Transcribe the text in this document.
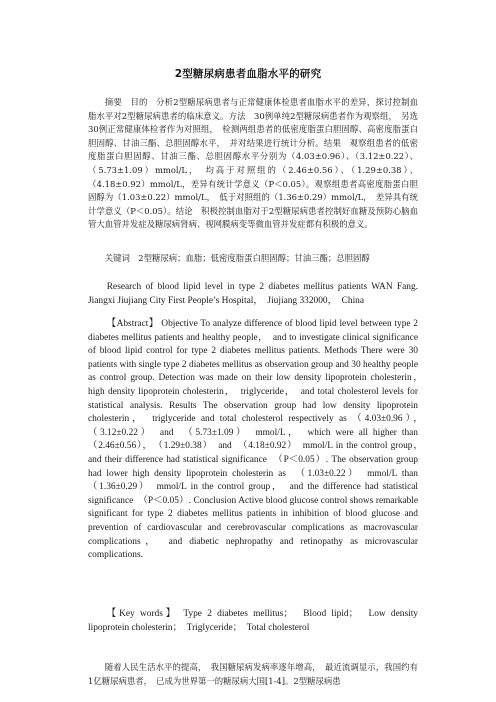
2型糖尿病患者血脂水平的研究

摘要　目的　分析2型糖尿病患者与正常健康体检患者血脂水平的差异，探讨控制血脂水平对2型糖尿病患者的临床意义。方法　30例单纯2型糖尿病患者作为观察组，　另选30例正常健康体检者作为对照组，　检测两组患者的低密度脂蛋白胆固醇、高密度脂蛋白胆固醇、甘油三酯、总胆固醇水平，　并对结果进行统计分析。结果　观察组患者的低密度脂蛋白胆固醇、甘油三酯、总胆固醇水平分别为（4.03±0.96）、（3.12±0.22）、（5.73±1.09）mmol/L，　均高于对照组的（2.46±0.56）、（1.29±0.38）、（4.18±0.92）mmol/L，差异有统计学意义（P＜0.05）。观察组患者高密度脂蛋白胆固醇为（1.03±0.22）mmol/L，　低于对照组的（1.36±0.29）mmol/L，　差异具有统计学意义（P＜0.05）。结论　积极控制血脂对于2型糖尿病患者控制好血糖及预防心脑血管大血管并发症及糖尿病肾病、视网膜病变等微血管并发症都有积极的意义。

关键词　2型糖尿病；血脂；低密度脂蛋白胆固醇；甘油三酯；总胆固醇

Research of blood lipid level in type 2 diabetes mellitus patients WAN Fang. Jiangxi Jiujiang City First People’s Hospital，　Jiujiang 332000，　China

【Abstract】 Objective To analyze difference of blood lipid level between type 2 diabetes mellitus patients and healthy people，　and to investigate clinical significance of blood lipid control for type 2 diabetes mellitus patients. Methods There were 30 patients with single type 2 diabetes mellitus as observation group and 30 healthy people as control group. Detection was made on their low density lipoprotein cholesterin，　high density lipoprotein cholesterin，　triglyceride，　and total cholesterol levels for statistical analysis. Results The observation group had low density lipoprotein cholesterin，　triglyceride and total cholesterol respectively as （4.03±0.96），　（3.12±0.22）　and　（5.73±1.09）　mmol/L，　which were all higher than　（2.46±0.56），　（1.29±0.38）　and　（4.18±0.92）　mmol/L in the control group，　and their difference had statistical significance　（P＜0.05）. The observation group had lower high density lipoprotein cholesterin as　（1.03±0.22）　mmol/L than （1.36±0.29）　mmol/L in the control group，　and the difference had statistical significance　（P＜0.05）. Conclusion Active blood glucose control shows remarkable significant for type 2 diabetes mellitus patients in inhibition of blood glucose and prevention of cardiovascular and cerebrovascular complications as macrovascular complications，　and diabetic nephropathy and retinopathy as microvascular complications.

【Key words】 Type 2 diabetes mellitus；　Blood lipid；　Low density lipoprotein cholesterin；　Triglyceride；　Total cholesterol

随着人民生活水平的提高，　我国糖尿病发病率逐年增高，　最近流调显示，我国约有1亿糖尿病患者，　已成为世界第一的糖尿病大国[1-4]。2型糖尿病患
